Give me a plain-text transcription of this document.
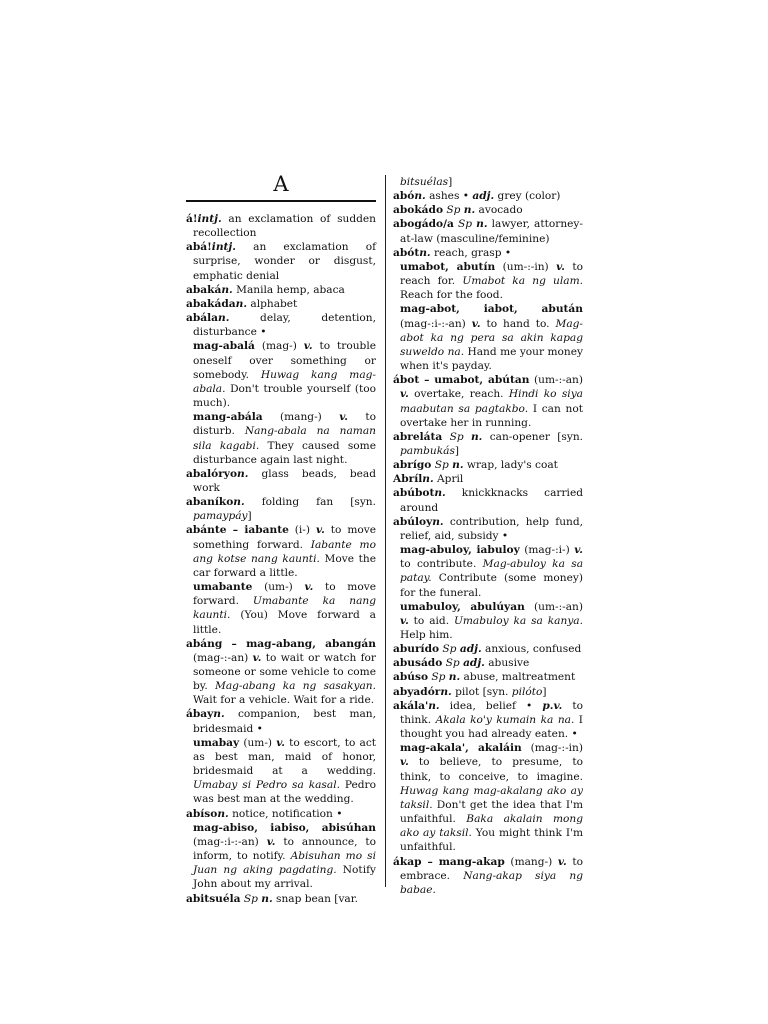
A

á!intj. an exclamation of sudden recollection

abá!intj. an exclamation of surprise, wonder or disgust, emphatic denial

abakán. Manila hemp, abaca

abakádan. alphabet

abálan. delay, detention, disturbance •

mag-abalá (mag-) v. to trouble oneself over something or somebody. Huwag kang mag-abala. Don't trouble yourself (too much).

mang-abála (mang-) v. to disturb. Nang-abala na naman sila kagabi. They caused some disturbance again last night.

abalóryon. glass beads, bead work

abaníkon. folding fan [syn. pamaypáy]

abánte – iabante (i-) v. to move something forward. Iabante mo ang kotse nang kaunti. Move the car forward a little.

umabante (um-) v. to move forward. Umabante ka nang kaunti. (You) Move forward a little.

abáng – mag-abang, abangán (mag-:-an) v. to wait or watch for someone or some vehicle to come by. Mag-abang ka ng sasakyan. Wait for a vehicle. Wait for a ride.

ábayn. companion, best man, bridesmaid •

umabay (um-) v. to escort, to act as best man, maid of honor, bridesmaid at a wedding. Umabay si Pedro sa kasal. Pedro was best man at the wedding.

abíson. notice, notification •

mag-abiso, iabiso, abisúhan (mag-:i-:-an) v. to announce, to inform, to notify. Abisuhan mo si Juan ng aking pagdating. Notify John about my arrival.

abitsuéla Sp n. snap bean [var.

bitsuélas]

abón. ashes • adj. grey (color)

abokádo Sp n. avocado

abogádo/a Sp n. lawyer, attorney-at-law (masculine/feminine)

abótn. reach, grasp •

umabot, abutín (um-:-in) v. to reach for. Umabot ka ng ulam. Reach for the food.

mag-abot, iabot, abután (mag-:i-:-an) v. to hand to. Mag-abot ka ng pera sa akin kapag suweldo na. Hand me your money when it's payday.

ábot – umabot, abútan (um-:-an) v. overtake, reach. Hindi ko siya maabutan sa pagtakbo. I can not overtake her in running.

abreláta Sp n. can-opener [syn. pambukás]

abrígo Sp n. wrap, lady's coat

Abríln. April

abúbotn. knickknacks carried around

abúloyn. contribution, help fund, relief, aid, subsidy •

mag-abuloy, iabuloy (mag-:i-) v. to contribute. Mag-abuloy ka sa patay. Contribute (some money) for the funeral.

umabuloy, abulúyan (um-:-an) v. to aid. Umabuloy ka sa kanya. Help him.

aburído Sp adj. anxious, confused

abusádo Sp adj. abusive

abúso Sp n. abuse, maltreatment

abyadórn. pilot [syn. pilóto]

akála'n. idea, belief • p.v. to think. Akala ko'y kumain ka na. I thought you had already eaten. •

mag-akala', akaláin (mag-:-in) v. to believe, to presume, to think, to conceive, to imagine. Huwag kang mag-akalang ako ay taksil. Don't get the idea that I'm unfaithful. Baka akalain mong ako ay taksil. You might think I'm unfaithful.

ákap – mang-akap (mang-) v. to embrace. Nang-akap siya ng babae.
